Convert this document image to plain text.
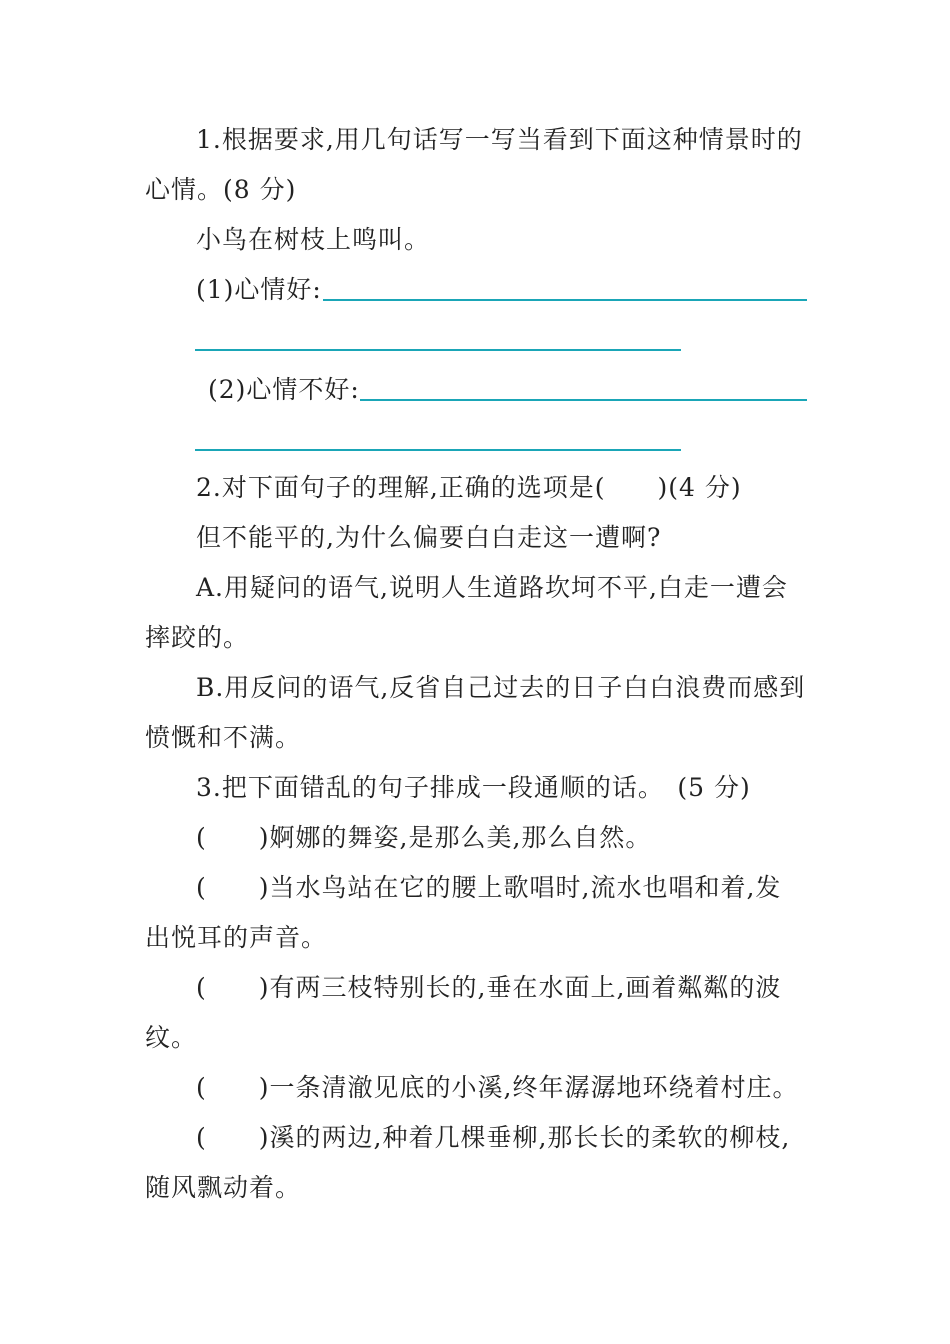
1.根据要求,用几句话写一写当看到下面这种情景时的
心情。(8 分)
小鸟在树枝上鸣叫。
(1)心情好:
(2)心情不好:
2.对下面句子的理解,正确的选项是(　　)(4 分)
但不能平的,为什么偏要白白走这一遭啊?
A.用疑问的语气,说明人生道路坎坷不平,白走一遭会
摔跤的。
B.用反问的语气,反省自己过去的日子白白浪费而感到
愤慨和不满。
3.把下面错乱的句子排成一段通顺的话。　(5 分)
(　　)婀娜的舞姿,是那么美,那么自然。
(　　)当水鸟站在它的腰上歌唱时,流水也唱和着,发
出悦耳的声音。
(　　)有两三枝特别长的,垂在水面上,画着粼粼的波
纹。
(　　)一条清澈见底的小溪,终年潺潺地环绕着村庄。
(　　)溪的两边,种着几棵垂柳,那长长的柔软的柳枝,
随风飘动着。
